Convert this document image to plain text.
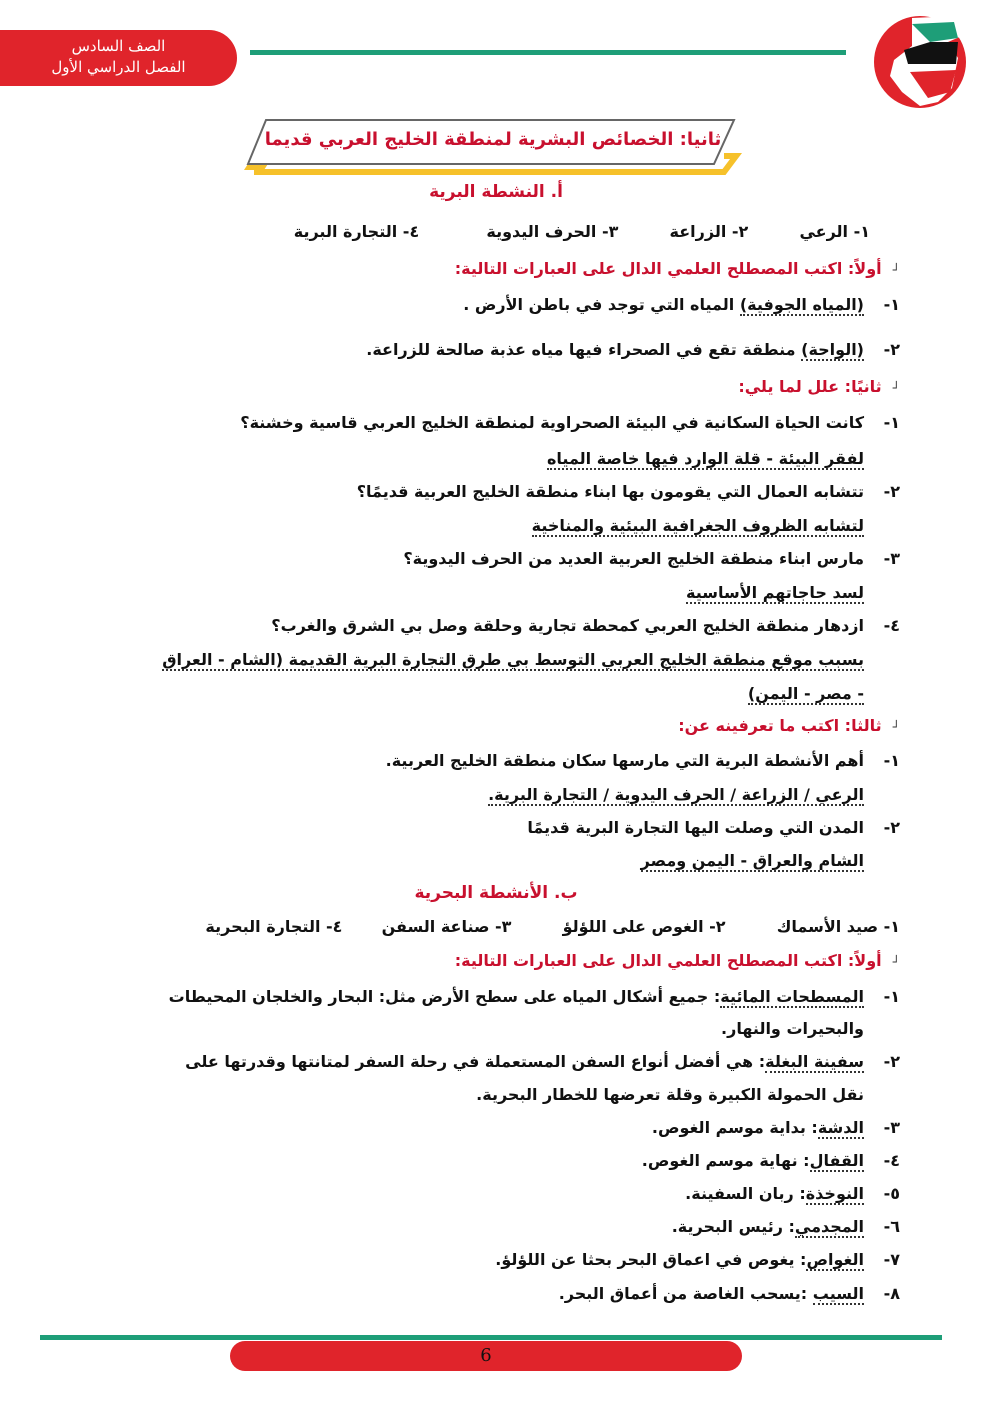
الصف السادس
الفصل الدراسي الأول
ثانيا: الخصائص البشرية لمنطقة الخليج العربي قديما
أ. النشطة البرية
١- الرعي  ٢- الزراعة  ٣- الحرف اليدوية  ٤- التجارة البرية
┘  أولاً: اكتب المصطلح العلمي الدال على العبارات التالية:
١-(المياه الجوفية) المياه التي توجد في باطن الأرض .
٢-(الواحة) منطقة تقع في الصحراء فيها مياه عذبة صالحة للزراعة.
┘  ثانيًا: علل لما يلي:
١-كانت الحياة السكانية في البيئة الصحراوية لمنطقة الخليج العربي قاسية وخشنة؟
لفقر البيئة - قلة الوارد فيها خاصة المياه
٢-تتشابه العمال التي يقومون بها ابناء منطقة الخليج العربية قديمًا؟
لتشابه الظروف الجغرافية البيئية والمناخية
٣-مارس ابناء منطقة الخليج العربية العديد من الحرف اليدوية؟
لسد حاجاتهم الأساسية
٤-ازدهار منطقة الخليج العربي كمحطة تجارية وحلقة وصل بي الشرق والغرب؟
بسبب موقع منطقة الخليج العربي التوسط بي طرق التجارة البرية القديمة (الشام - العراق
- مصر - اليمن)
┘  ثالثا: اكتب ما تعرفينه عن:
١-أهم الأنشطة البرية التي مارسها سكان منطقة الخليج العربية.
الرعي / الزراعة / الحرف اليدوية / التجارة البرية.
٢-المدن التي وصلت اليها التجارة البرية قديمًا
الشام والعراق - اليمن ومصر
ب. الأنشطة البحرية
١- صيد الأسماك  ٢- الغوص على اللؤلؤ  ٣- صناعة السفن  ٤- التجارة البحرية
┘  أولاً: اكتب المصطلح العلمي الدال على العبارات التالية:
١-المسطحات المائية: جميع أشكال المياه على سطح الأرض مثل: البحار والخلجان المحيطات
والبحيرات والنهار.
٢-سفينة البغلة: هي أفضل أنواع السفن المستعملة في رحلة السفر لمتانتها وقدرتها على
نقل الحمولة الكبيرة وقلة تعرضها للخطار البحرية.
٣-الدشة: بداية موسم الغوص.
٤-القفال: نهاية موسم الغوص.
٥-النوخذة: ربان السفينة.
٦-المجدمي: رئيس البحرية.
٧-الغواص: يغوص في اعماق البحر بحثا عن اللؤلؤ.
٨-السيب :يسحب الغاصة من أعماق البحر.
6
